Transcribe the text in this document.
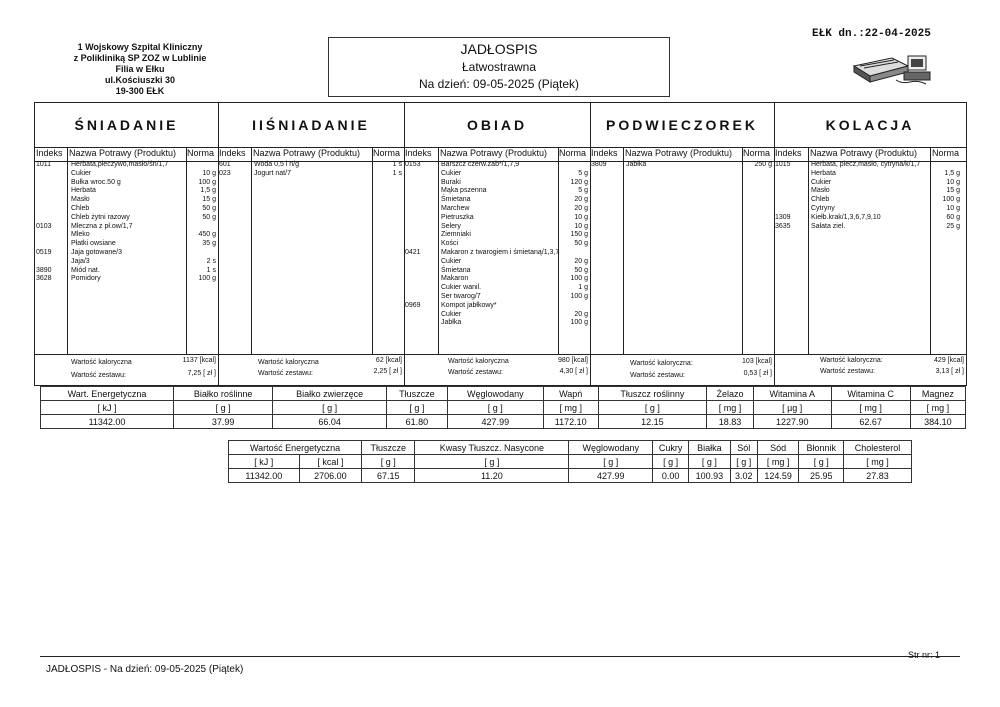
1 Wojskowy Szpital Kliniczny
z Polikliniką SP ZOZ w Lublinie
Filia w Ełku
ul.Kościuszki 30
19-300 EŁK
JADŁOSPIS
Łatwostrawna
Na dzień: 09-05-2025 (Piątek)
EŁK dn.:22-04-2025
ŚNIADANIE
Indeks Nazwa Potrawy (Produktu) Norma
1011	Herbata,pieczywo,masło/śn/1,7
Cukier	10 g
Bułka wroc.50 g	100 g
Herbata	1,5 g
Masło	15 g
Chleb	50 g
Chleb żytni razowy	50 g
0103	Mleczna z pł.ow/1,7
Mleko	450 g
Płatki owsiane	35 g
0519	Jaja gotowane/3
Jaja/3	2 s
3890	Miód nat.	1 s
3628	Pomidory	100 g
Wartość kaloryczna	1137 [kcal]
Wartość zestawu:	7,25 [ zł ]
IIŚNIADANIE
Indeks Nazwa Potrawy (Produktu) Norma
601	Woda 0,5 l n/g	1 s
023	Jogurt nat/7	1 s
Wartość kaloryczna	62 [kcal]
Wartość zestawu:	2,25 [ zł ]
OBIAD
Indeks Nazwa Potrawy (Produktu) Norma
0153	Barszcz czerw.zab*/1,7,9
Cukier	5 g
Buraki	120 g
Mąka pszenna	5 g
Śmietana	20 g
Marchew	20 g
Pietruszka	10 g
Selery	10 g
Ziemniaki	150 g
Kości	50 g
0421	Makaron z twarogiem i śmietaną/1,3,7
Cukier	20 g
Śmietana	50 g
Makaron	100 g
Cukier wanil.	1 g
Ser twarog/7	100 g
0969	Kompot jabłkowy*
Cukier	20 g
Jabłka	100 g
Wartość kaloryczna	980 [kcal]
Wartość zestawu:	4,30 [ zł ]
PODWIECZOREK
Indeks Nazwa Potrawy (Produktu) Norma
3809	Jabłka	250 g
Wartość kaloryczna:	103 [kcal]
Wartość zestawu:	0,53 [ zł ]
KOLACJA
Indeks Nazwa Potrawy (Produktu) Norma
1015	Herbata, piecz,masło, cytryna/k/1,7
Herbata	1,5 g
Cukier	10 g
Masło	15 g
Chleb	100 g
Cytryny	10 g
1309	Kiełb.krak/1,3,6,7,9,10	60 g
3635	Sałata ziel.	25 g
Wartość kaloryczna:	429 [kcal]
Wartość zestawu:	3,13 [ zł ]
Wart. Energetyczna	Białko roślinne	Białko zwierzęce	Tłuszcze	Węglowodany	Wapń	Tłuszcz roślinny	Żelazo	Witamina A	Witamina C	Magnez
[ kJ ]	[ g ]	[ g ]	[ g ]	[ g ]	[ mg ]	[ g ]	[ mg ]	[ µg ]	[ mg ]	[ mg ]
11342.00	37.99	66.04	61.80	427.99	1172.10	12.15	18.83	1227.90	62.67	384.10
Wartość Energetyczna		Tłuszcze	Kwasy Tłuszcz. Nasycone	Węglowodany	Cukry	Białka	Sól	Sód	Błonnik	Cholesterol
[ kJ ]	[ kcal ]	[ g ]	[ g ]	[ g ]	[ g ]	[ g ]	[ g ]	[ mg ]	[ g ]	[ mg ]
11342.00	2706.00	67.15	11.20	427.99	0.00	100.93	3.02	124.59	25.95	27.83
JADŁOSPIS - Na dzień: 09-05-2025 (Piątek)
Str nr: 1
